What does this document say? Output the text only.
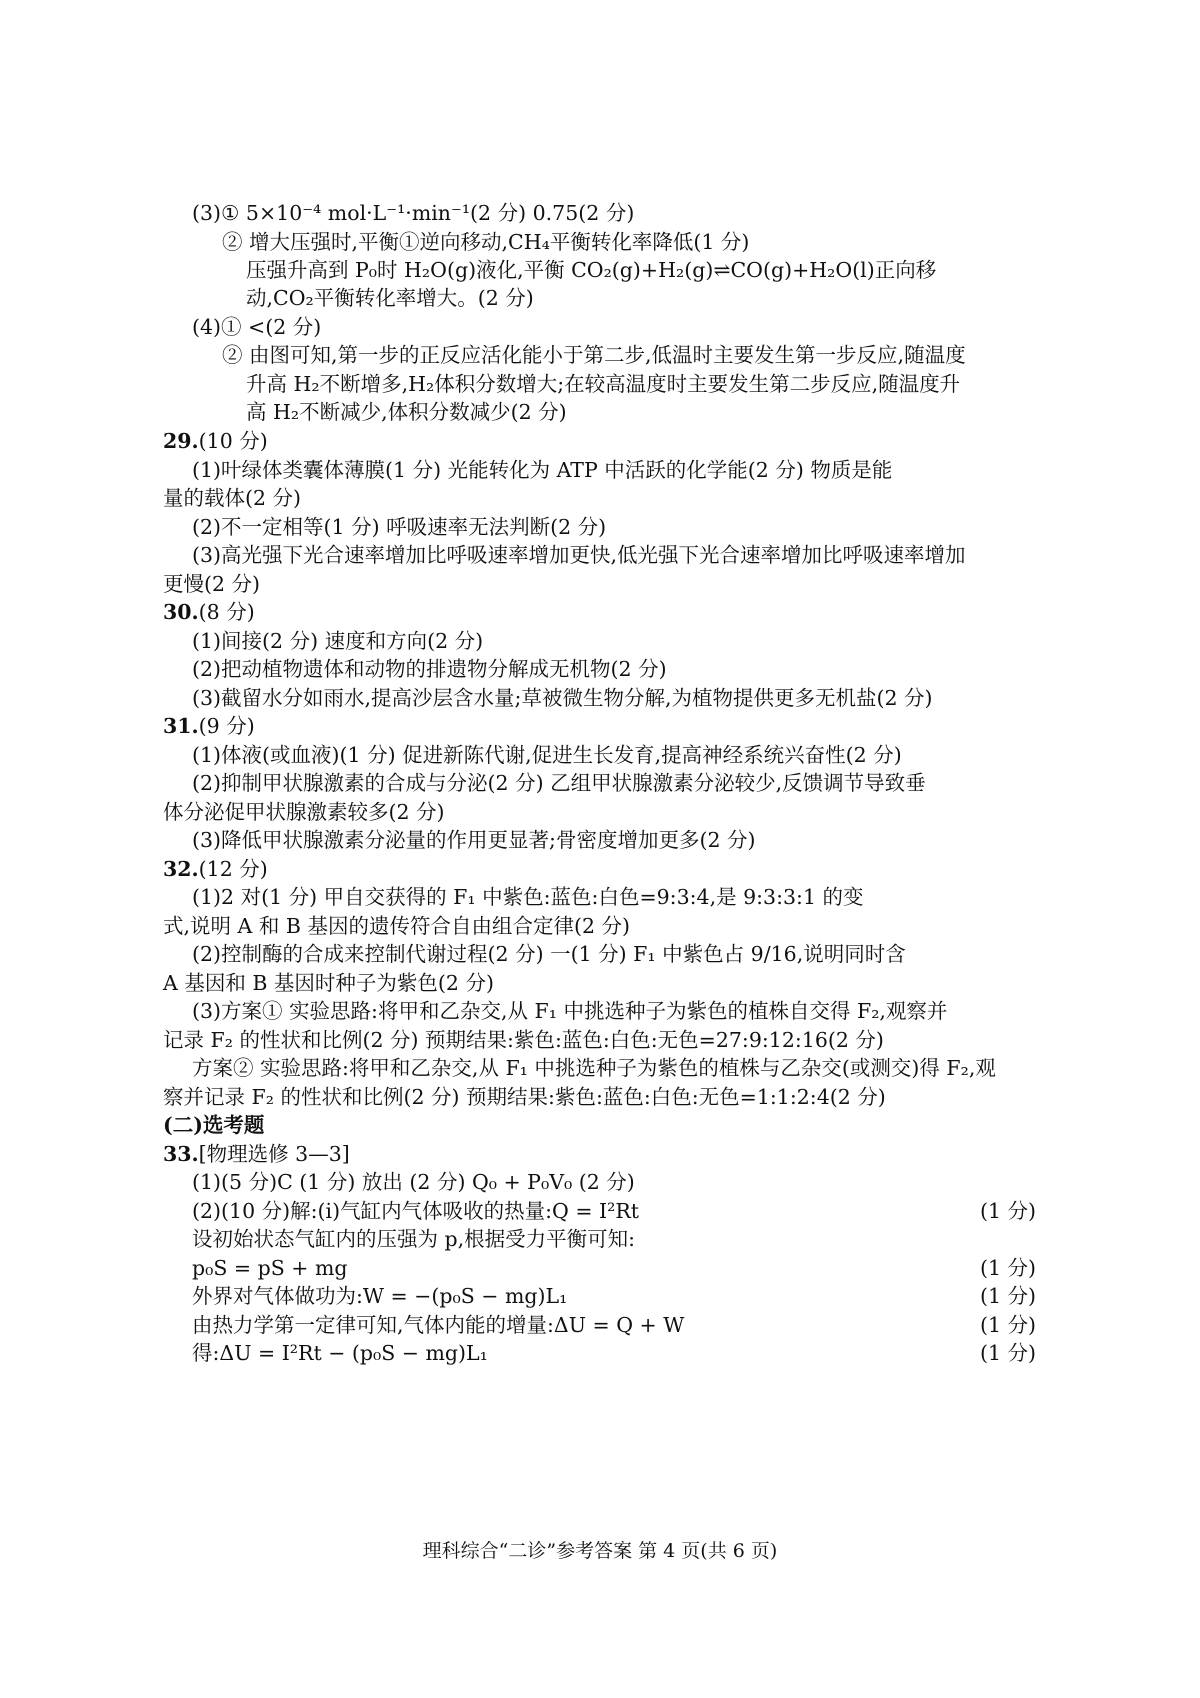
(3)① 5×10⁻⁴ mol·L⁻¹·min⁻¹(2 分) 0.75(2 分)
② 增大压强时,平衡①逆向移动,CH₄平衡转化率降低(1 分)
压强升高到 P₀时 H₂O(g)液化,平衡 CO₂(g)+H₂(g)⇌CO(g)+H₂O(l)正向移
动,CO₂平衡转化率增大。(2 分)
(4)① <(2 分)
② 由图可知,第一步的正反应活化能小于第二步,低温时主要发生第一步反应,随温度
升高 H₂不断增多,H₂体积分数增大;在较高温度时主要发生第二步反应,随温度升
高 H₂不断减少,体积分数减少(2 分)
29.(10 分)
(1)叶绿体类囊体薄膜(1 分) 光能转化为 ATP 中活跃的化学能(2 分) 物质是能
量的载体(2 分)
(2)不一定相等(1 分) 呼吸速率无法判断(2 分)
(3)高光强下光合速率增加比呼吸速率增加更快,低光强下光合速率增加比呼吸速率增加
更慢(2 分)
30.(8 分)
(1)间接(2 分) 速度和方向(2 分)
(2)把动植物遗体和动物的排遗物分解成无机物(2 分)
(3)截留水分如雨水,提高沙层含水量;草被微生物分解,为植物提供更多无机盐(2 分)
31.(9 分)
(1)体液(或血液)(1 分) 促进新陈代谢,促进生长发育,提高神经系统兴奋性(2 分)
(2)抑制甲状腺激素的合成与分泌(2 分) 乙组甲状腺激素分泌较少,反馈调节导致垂
体分泌促甲状腺激素较多(2 分)
(3)降低甲状腺激素分泌量的作用更显著;骨密度增加更多(2 分)
32.(12 分)
(1)2 对(1 分) 甲自交获得的 F₁ 中紫色:蓝色:白色=9:3:4,是 9:3:3:1 的变
式,说明 A 和 B 基因的遗传符合自由组合定律(2 分)
(2)控制酶的合成来控制代谢过程(2 分) 一(1 分) F₁ 中紫色占 9/16,说明同时含
A 基因和 B 基因时种子为紫色(2 分)
(3)方案① 实验思路:将甲和乙杂交,从 F₁ 中挑选种子为紫色的植株自交得 F₂,观察并
记录 F₂ 的性状和比例(2 分) 预期结果:紫色:蓝色:白色:无色=27:9:12:16(2 分)
方案② 实验思路:将甲和乙杂交,从 F₁ 中挑选种子为紫色的植株与乙杂交(或测交)得 F₂,观
察并记录 F₂ 的性状和比例(2 分) 预期结果:紫色:蓝色:白色:无色=1:1:2:4(2 分)
(二)选考题
33.[物理选修 3—3]
(1)(5 分)C (1 分) 放出 (2 分) Q₀ + P₀V₀ (2 分)
(2)(10 分)解:(i)气缸内气体吸收的热量:Q = I²Rt	(1 分)
设初始状态气缸内的压强为 p,根据受力平衡可知:
p₀S = pS + mg	(1 分)
外界对气体做功为:W = −(p₀S − mg)L₁	(1 分)
由热力学第一定律可知,气体内能的增量:ΔU = Q + W	(1 分)
得:ΔU = I²Rt − (p₀S − mg)L₁	(1 分)
理科综合“二诊”参考答案 第 4 页(共 6 页)
